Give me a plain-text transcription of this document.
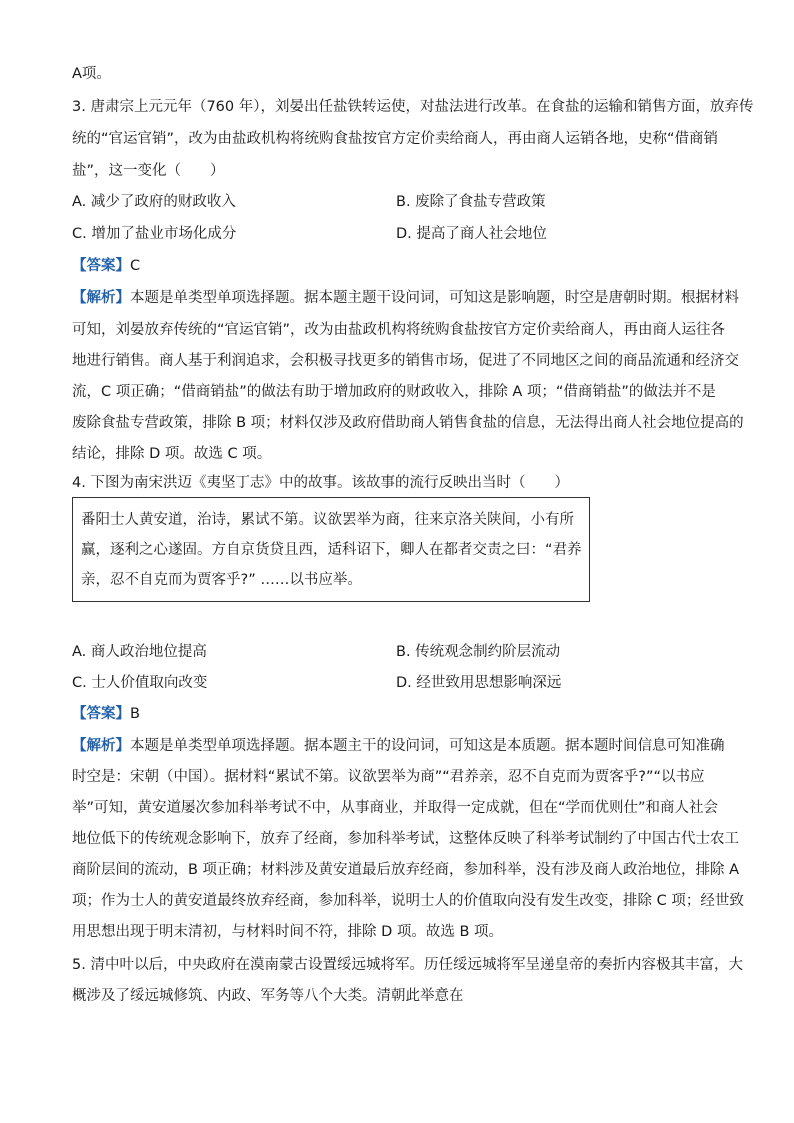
A项。
3. 唐肃宗上元元年（760 年），刘晏出任盐铁转运使，对盐法进行改革。在食盐的运输和销售方面，放弃传
统的“官运官销”，改为由盐政机构将统购食盐按官方定价卖给商人，再由商人运销各地，史称“借商销
盐”，这一变化（　　）
A. 减少了政府的财政收入	B. 废除了食盐专营政策
C. 增加了盐业市场化成分	D. 提高了商人社会地位
【答案】C
【解析】本题是单类型单项选择题。据本题主题干设问词，可知这是影响题，时空是唐朝时期。根据材料
可知，刘晏放弃传统的“官运官销”，改为由盐政机构将统购食盐按官方定价卖给商人，再由商人运往各
地进行销售。商人基于利润追求，会积极寻找更多的销售市场，促进了不同地区之间的商品流通和经济交
流，C 项正确；“借商销盐”的做法有助于增加政府的财政收入，排除 A 项；“借商销盐”的做法并不是
废除食盐专营政策，排除 B 项；材料仅涉及政府借助商人销售食盐的信息，无法得出商人社会地位提高的
结论，排除 D 项。故选 C 项。
4. 下图为南宋洪迈《夷坚丁志》中的故事。该故事的流行反映出当时（　　）
番阳士人黄安道，治诗，累试不第。议欲罢举为商，往来京洛关陕间，小有所
赢，逐利之心遂固。方自京货贷且西，适科诏下，卿人在都者交责之曰：“君养
亲，忍不自克而为贾客乎?” ……以书应举。
A. 商人政治地位提高	B. 传统观念制约阶层流动
C. 士人价值取向改变	D. 经世致用思想影响深远
【答案】B
【解析】本题是单类型单项选择题。据本题主干的设问词，可知这是本质题。据本题时间信息可知准确
时空是：宋朝（中国）。据材料“累试不第。议欲罢举为商”“君养亲，忍不自克而为贾客乎?”“以书应
举”可知，黄安道屡次参加科举考试不中，从事商业，并取得一定成就，但在“学而优则仕”和商人社会
地位低下的传统观念影响下，放弃了经商，参加科举考试，这整体反映了科举考试制约了中国古代士农工
商阶层间的流动，B 项正确；材料涉及黄安道最后放弃经商，参加科举，没有涉及商人政治地位，排除 A
项；作为士人的黄安道最终放弃经商，参加科举，说明士人的价值取向没有发生改变，排除 C 项；经世致
用思想出现于明末清初，与材料时间不符，排除 D 项。故选 B 项。
5. 清中叶以后，中央政府在漠南蒙古设置绥远城将军。历任绥远城将军呈递皇帝的奏折内容极其丰富，大
概涉及了绥远城修筑、内政、军务等八个大类。清朝此举意在
